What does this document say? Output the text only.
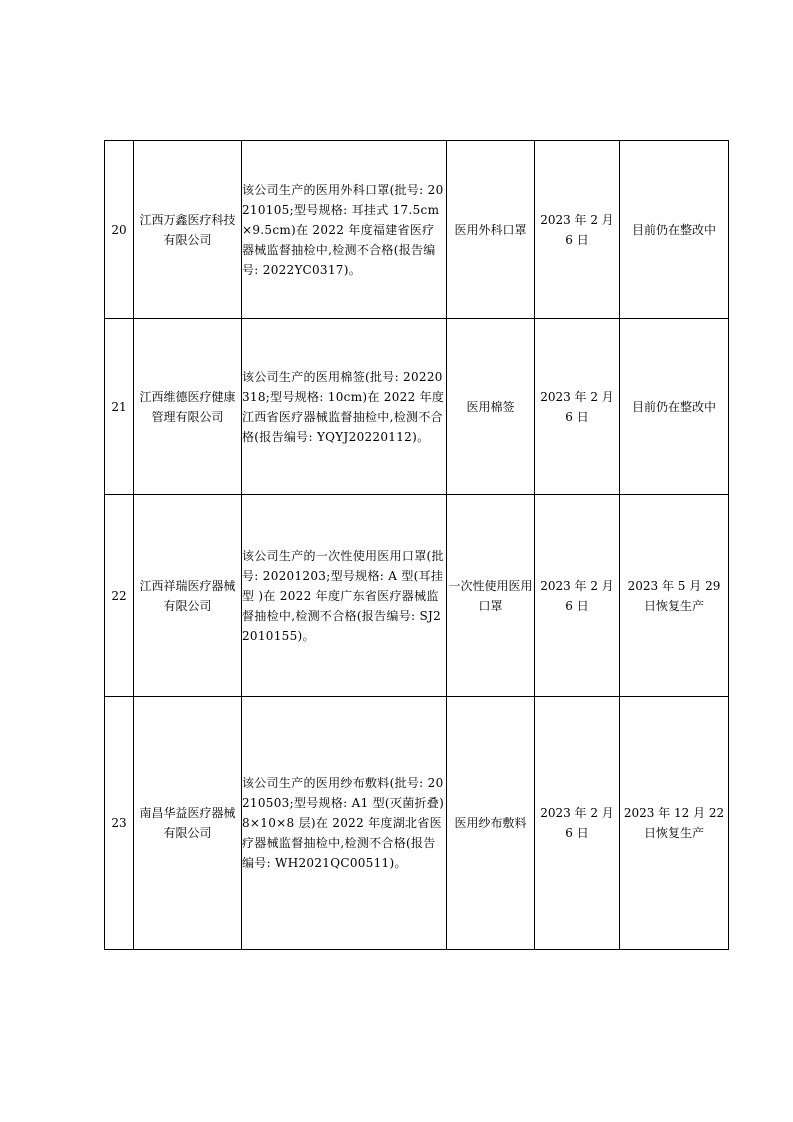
20	江西万鑫医疗科技有限公司	该公司生产的医用外科口罩(批号: 20210105;型号规格: 耳挂式 17.5cm×9.5cm)在 2022 年度福建省医疗器械监督抽检中,检测不合格(报告编号: 2022YC0317)。	医用外科口罩	2023 年 2 月 6 日	目前仍在整改中

21	江西维德医疗健康管理有限公司	该公司生产的医用棉签(批号: 20220318;型号规格: 10cm)在 2022 年度江西省医疗器械监督抽检中,检测不合格(报告编号: YQYJ20220112)。	医用棉签	2023 年 2 月 6 日	目前仍在整改中

22	江西祥瑞医疗器械有限公司	该公司生产的一次性使用医用口罩(批号: 20201203;型号规格: A 型(耳挂型 )在 2022 年度广东省医疗器械监督抽检中,检测不合格(报告编号: SJ22010155)。	一次性使用医用口罩	2023 年 2 月 6 日	2023 年 5 月 29 日恢复生产

23	南昌华益医疗器械有限公司	该公司生产的医用纱布敷料(批号: 20210503;型号规格: A1 型(灭菌折叠)8×10×8 层)在 2022 年度湖北省医疗器械监督抽检中,检测不合格(报告编号: WH2021QC00511)。	医用纱布敷料	2023 年 2 月 6 日	2023 年 12 月 22 日恢复生产
